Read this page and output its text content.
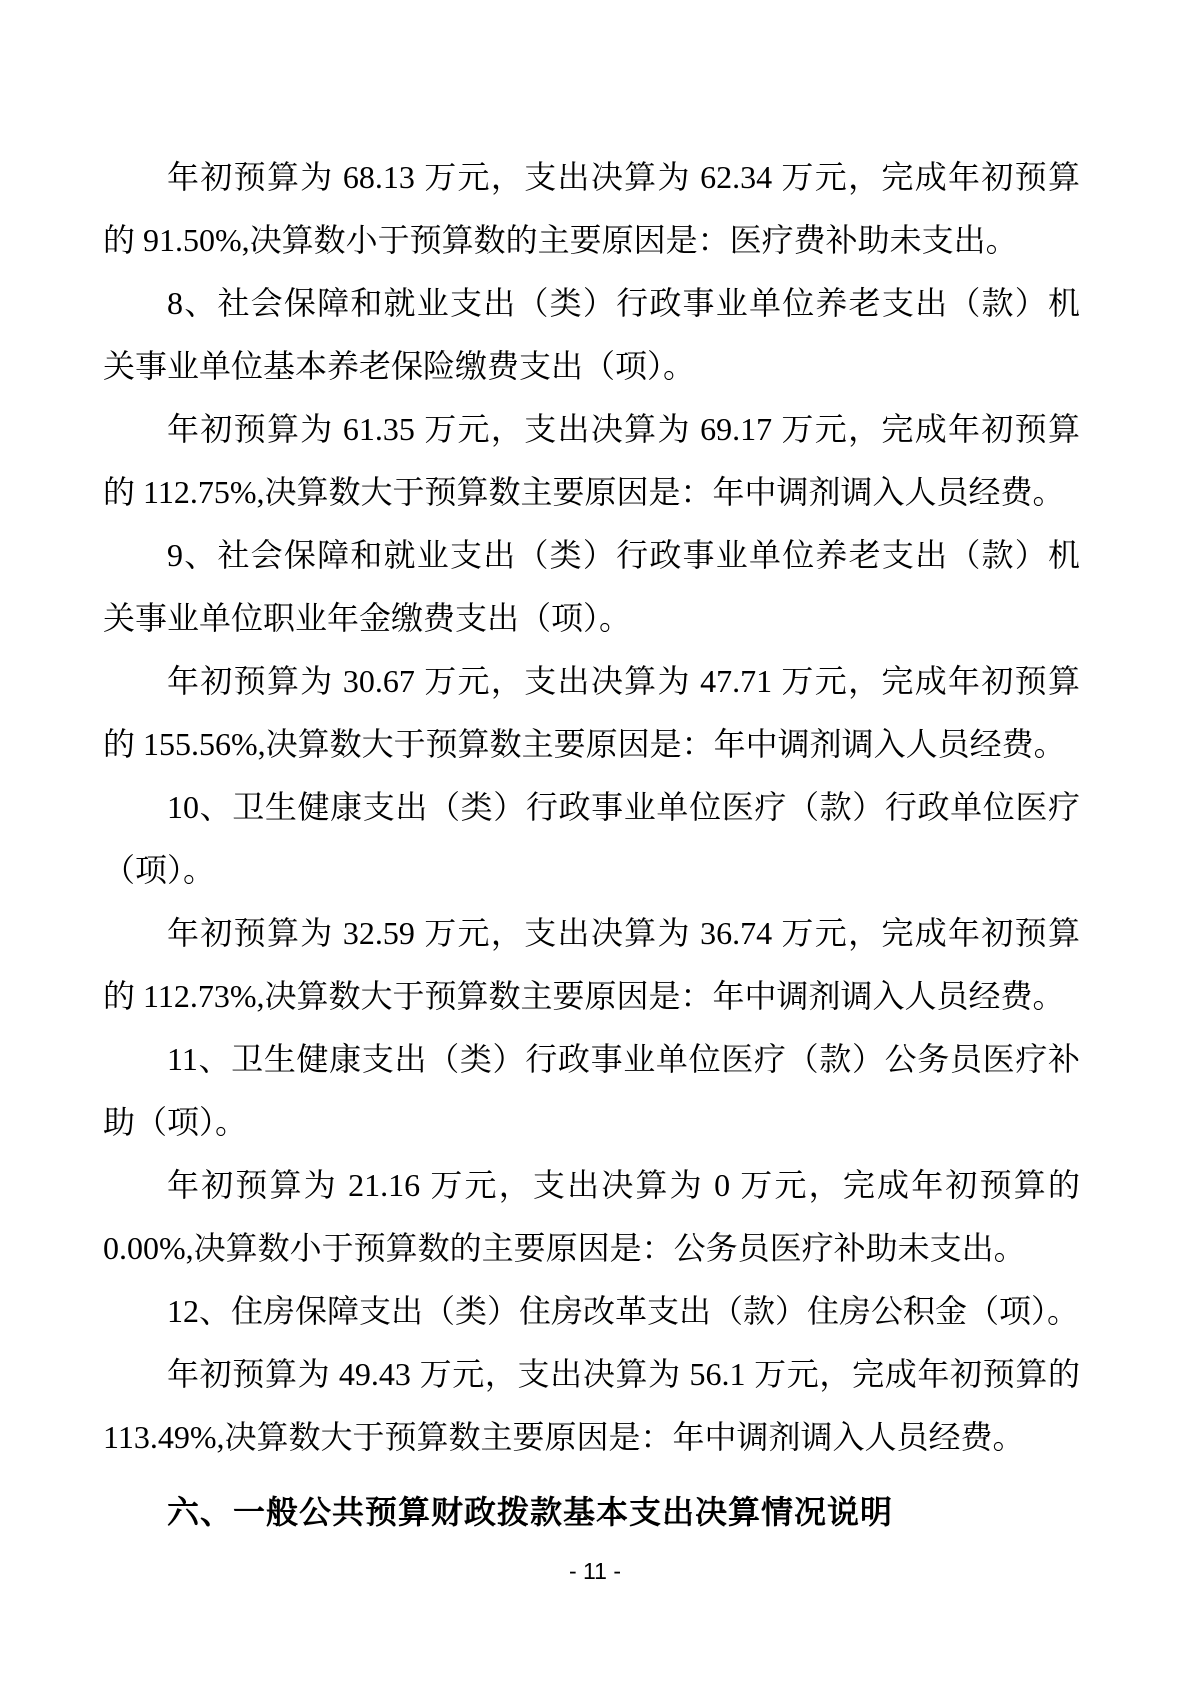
年初预算为 68.13 万元，支出决算为 62.34 万元，完成年初预算
的 91.50%,决算数小于预算数的主要原因是：医疗费补助未支出。
8、社会保障和就业支出（类）行政事业单位养老支出（款）机
关事业单位基本养老保险缴费支出（项）。
年初预算为 61.35 万元，支出决算为 69.17 万元，完成年初预算
的 112.75%,决算数大于预算数主要原因是：年中调剂调入人员经费。
9、社会保障和就业支出（类）行政事业单位养老支出（款）机
关事业单位职业年金缴费支出（项）。
年初预算为 30.67 万元，支出决算为 47.71 万元，完成年初预算
的 155.56%,决算数大于预算数主要原因是：年中调剂调入人员经费。
10、卫生健康支出（类）行政事业单位医疗（款）行政单位医疗
（项）。
年初预算为 32.59 万元，支出决算为 36.74 万元，完成年初预算
的 112.73%,决算数大于预算数主要原因是：年中调剂调入人员经费。
11、卫生健康支出（类）行政事业单位医疗（款）公务员医疗补
助（项）。
年初预算为 21.16 万元，支出决算为 0 万元，完成年初预算的
0.00%,决算数小于预算数的主要原因是：公务员医疗补助未支出。
12、住房保障支出（类）住房改革支出（款）住房公积金（项）。
年初预算为 49.43 万元，支出决算为 56.1 万元，完成年初预算的
113.49%,决算数大于预算数主要原因是：年中调剂调入人员经费。
六、一般公共预算财政拨款基本支出决算情况说明
- 11 -
